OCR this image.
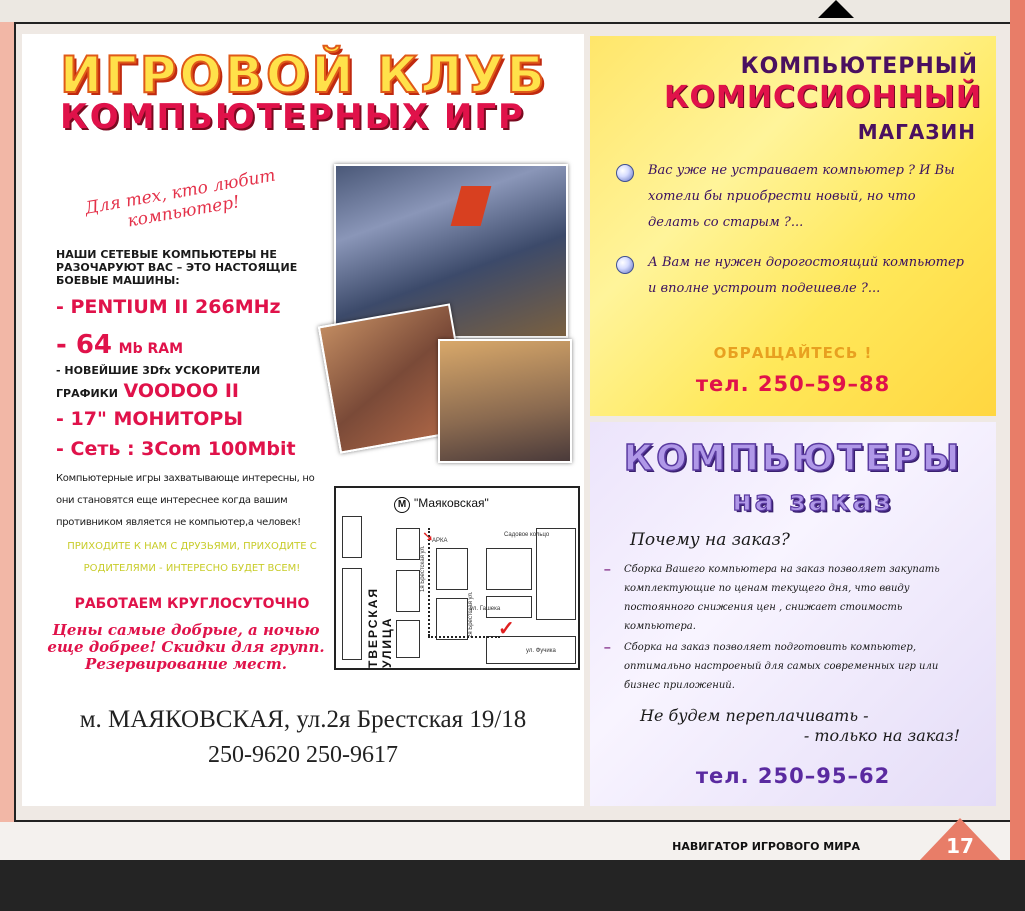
ИГРОВОЙ КЛУБ
КОМПЬЮТЕРНЫХ ИГР
Для тех, кто любит компьютер!
НАШИ СЕТЕВЫЕ КОМПЬЮТЕРЫ НЕ РАЗОЧАРУЮТ ВАС – ЭТО НАСТОЯЩИЕ БОЕВЫЕ МАШИНЫ:
- PENTIUM II 266MHz
- 64 Mb RAM
- НОВЕЙШИЕ 3Dfx УСКОРИТЕЛИ
ГРАФИКИ VOODOO II
- 17" МОНИТОРЫ
- Сеть : 3Com 100Mbit
Компьютерные игры захватывающе интересны, но они становятся еще интереснее когда вашим противником является не компьютер,а человек!
ПРИХОДИТЕ К НАМ С ДРУЗЬЯМИ, ПРИХОДИТЕ С РОДИТЕЛЯМИ - ИНТЕРЕСНО БУДЕТ ВСЕМ!
РАБОТАЕМ КРУГЛОСУТОЧНО
Цены самые добрые, а ночью еще добрее! Скидки для групп. Резервирование мест.
М "Маяковская"
ТВЕРСКАЯ УЛИЦА
Садовое кольцо
АРКА
ул. Гашека
ул. Фучика
1я Брестская ул.
2я Брестская ул.
➘
✓
м. МАЯКОВСКАЯ, ул.2я Брестская 19/18
250-9620 250-9617
КОМПЬЮТЕРНЫЙ
КОМИССИОННЫЙ
МАГАЗИН
Вас уже не устраивает компьютер ? И Вы хотели бы приобрести новый, но что делать со старым ?...
А Вам не нужен дорогостоящий компьютер и вполне устроит подешевле ?...
ОБРАЩАЙТЕСЬ !
тел. 250–59–88
КОМПЬЮТЕРЫ
на заказ
Почему на заказ?
– Сборка Вашего компьютера на заказ позволяет закупать комплектующие по ценам текущего дня, что ввиду постоянного снижения цен , снижает стоимость компьютера.
– Сборка на заказ позволяет подготовить компьютер, оптимально настроеный для самых современных игр или бизнес приложений.
Не будем переплачивать -
- только на заказ!
тел. 250–95–62
НАВИГАТОР ИГРОВОГО МИРА	17
